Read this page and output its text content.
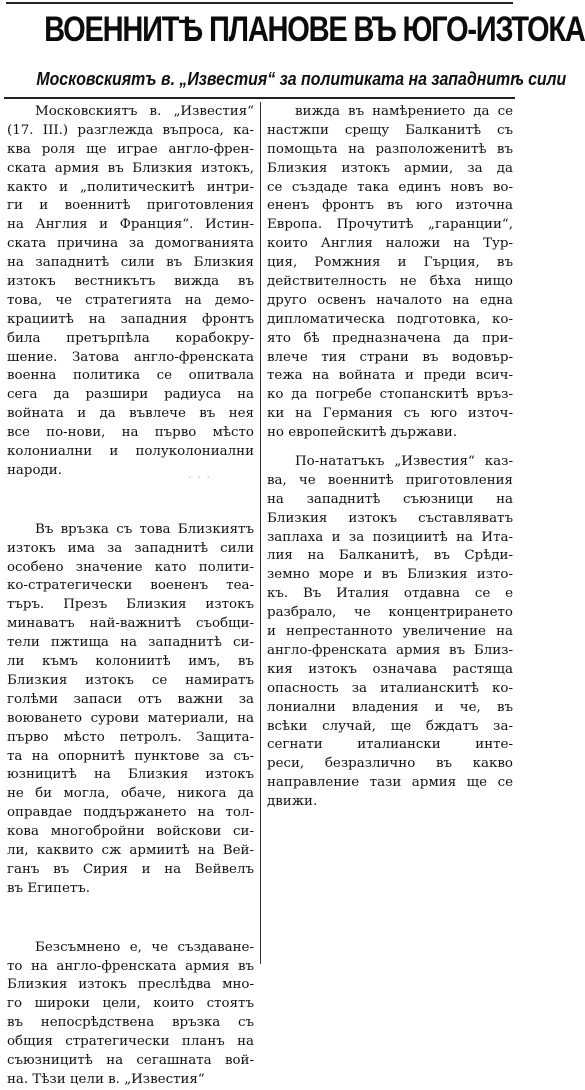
ВОЕННИТѢ ПЛАНОВЕ ВЪ ЮГО-ИЗТОКА
Московскиятъ в. „Известия“ за политиката на западнитѣ сили
· · ·
Московскиятъ в. „Известия“
(17. III.) разглежда въпроса, ка-
ква роля ще играе англо-френ-
ската армия въ Близкия изтокъ,
както и „политическитѣ интри-
ги и военнитѣ приготовления
на Англия и Франция“. Истин-
ската причина за домогванията
на западнитѣ сили въ Близкия
изтокъ вестникътъ вижда въ
това, че стратегията на демо-
крациитѣ на западния фронтъ
била претърпѣла корабокру-
шение. Затова англо-френската
военна политика се опитвала
сега да разшири радиуса на
войната и да въвлече въ нея
все по-нови, на първо мѣсто
колониални и полуколониални
народи.
Въ връзка съ това Близкиятъ
изтокъ има за западнитѣ сили
особено значение като полити-
ко-стратегически воененъ теа-
търъ. Презъ Близкия изтокъ
минаватъ най-важнитѣ съобщи-
тели пжтища на западнитѣ си-
ли къмъ колониитѣ имъ, въ
Близкия изтокъ се намиратъ
голѣми запаси отъ важни за
воюването сурови материали, на
първо мѣсто петролъ. Защита-
та на опорнитѣ пунктове за съ-
юзницитѣ на Близкия изтокъ
не би могла, обаче, никога да
оправдае поддържането на тол-
кова многобройни войскови си-
ли, каквито сж армиитѣ на Вей-
ганъ въ Сирия и на Вейвелъ
въ Египетъ.
Безсъмнено е, че създаване-
то на англо-френската армия въ
Близкия изтокъ преслѣдва мно-
го широки цели, които стоятъ
въ непосрѣдствена връзка съ
общия стратегически планъ на
съюзницитѣ на сегашната вой-
на. Тѣзи цели в. „Известия“
вижда въ намѣрението да се
настжпи срещу Балканитѣ съ
помощьта на разположенитѣ въ
Близкия изтокъ армии, за да
се създаде така единъ новъ во-
ененъ фронтъ въ юго източна
Европа. Прочутитѣ „гаранции“,
които Англия наложи на Тур-
ция, Ромжния и Гърция, въ
действителность не бѣха нищо
друго освенъ началото на една
дипломатическа подготовка, ко-
ято бѣ предназначена да при-
влече тия страни въ водовър-
тежа на войната и преди всич-
ко да погребе стопанскитѣ връз-
ки на Германия съ юго източ-
но европейскитѣ държави.
По-нататъкъ „Известия“ каз-
ва, че военнитѣ приготовления
на западнитѣ съюзници на
Близкия изтокъ съставляватъ
заплаха и за позициитѣ на Итa-
лия на Балканитѣ, въ Срѣди-
земно море и въ Близкия изто-
къ. Въ Италия отдавна се е
разбрало, че концентрирането
и непрестанното увеличение на
англо-френската армия въ Близ-
кия изтокъ означава растяща
опасность за италианскитѣ ко-
лониални владения и че, въ
всѣки случай, ще бждатъ за-
сегнати италиански инте-
реси, безразлично въ какво
направление тази армия ще се
движи.
